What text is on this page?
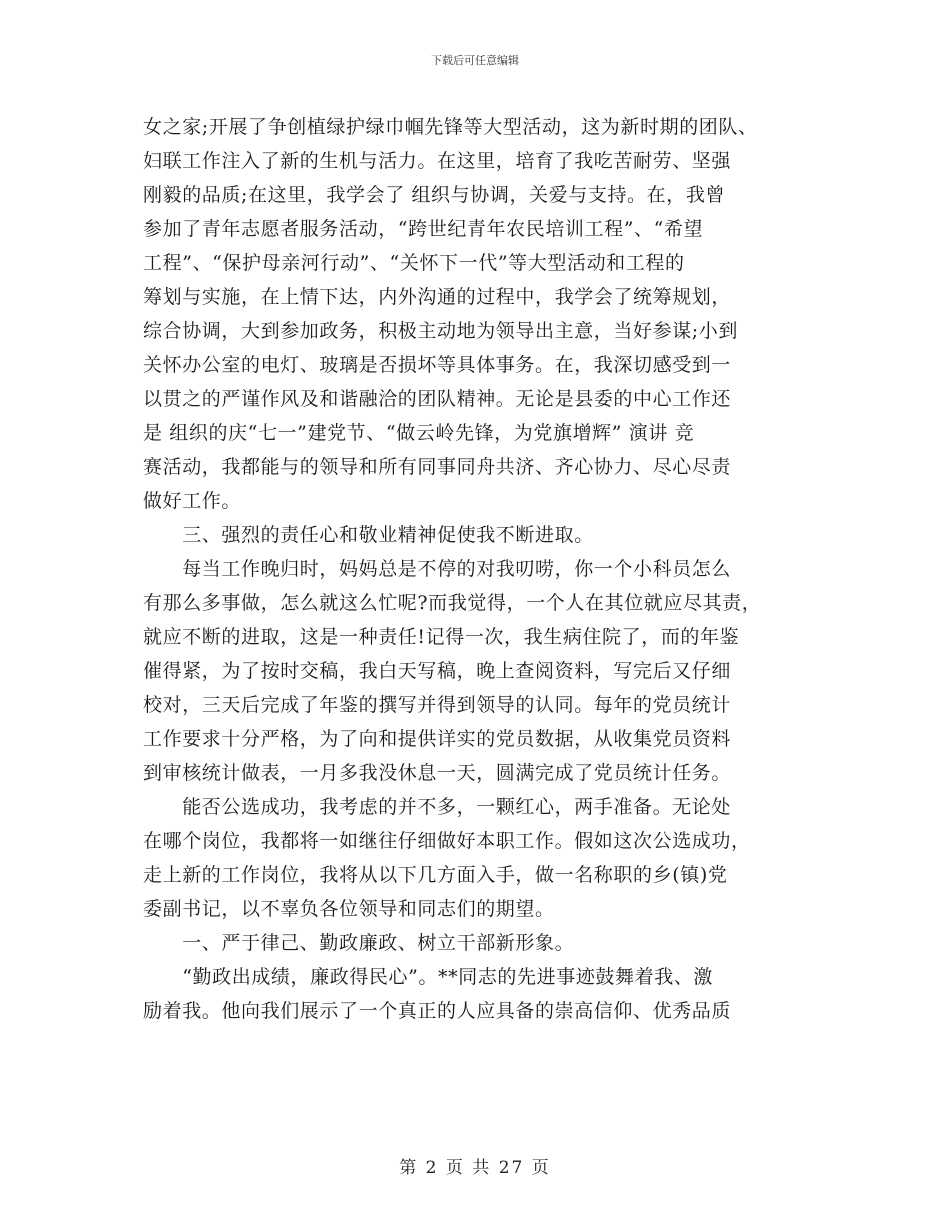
下载后可任意编辑
女之家;开展了争创植绿护绿巾帼先锋等大型活动，这为新时期的团队、
妇联工作注入了新的生机与活力。在这里，培育了我吃苦耐劳、坚强
刚毅的品质;在这里，我学会了 组织与协调，关爱与支持。在，我曾
参加了青年志愿者服务活动，“跨世纪青年农民培训工程”、“希望
工程”、“保护母亲河行动”、“关怀下一代”等大型活动和工程的
筹划与实施，在上情下达，内外沟通的过程中，我学会了统筹规划，
综合协调，大到参加政务，积极主动地为领导出主意，当好参谋;小到
关怀办公室的电灯、玻璃是否损坏等具体事务。在，我深切感受到一
以贯之的严谨作风及和谐融洽的团队精神。无论是县委的中心工作还
是 组织的庆“七一”建党节、“做云岭先锋，为党旗增辉” 演讲 竞
赛活动，我都能与的领导和所有同事同舟共济、齐心协力、尽心尽责
做好工作。
　　三、强烈的责任心和敬业精神促使我不断进取。
　　每当工作晚归时，妈妈总是不停的对我叨唠，你一个小科员怎么
有那么多事做，怎么就这么忙呢?而我觉得，一个人在其位就应尽其责，
就应不断的进取，这是一种责任!记得一次，我生病住院了，而的年鉴
催得紧，为了按时交稿，我白天写稿，晚上查阅资料，写完后又仔细
校对，三天后完成了年鉴的撰写并得到领导的认同。每年的党员统计
工作要求十分严格，为了向和提供详实的党员数据，从收集党员资料
到审核统计做表，一月多我没休息一天，圆满完成了党员统计任务。
　　能否公选成功，我考虑的并不多，一颗红心，两手准备。无论处
在哪个岗位，我都将一如继往仔细做好本职工作。假如这次公选成功，
走上新的工作岗位，我将从以下几方面入手，做一名称职的乡(镇)党
委副书记，以不辜负各位领导和同志们的期望。
　　一、严于律己、勤政廉政、树立干部新形象。
　　“勤政出成绩，廉政得民心”。**同志的先进事迹鼓舞着我、激
励着我。他向我们展示了一个真正的人应具备的崇高信仰、优秀品质
第 2 页 共 27 页
